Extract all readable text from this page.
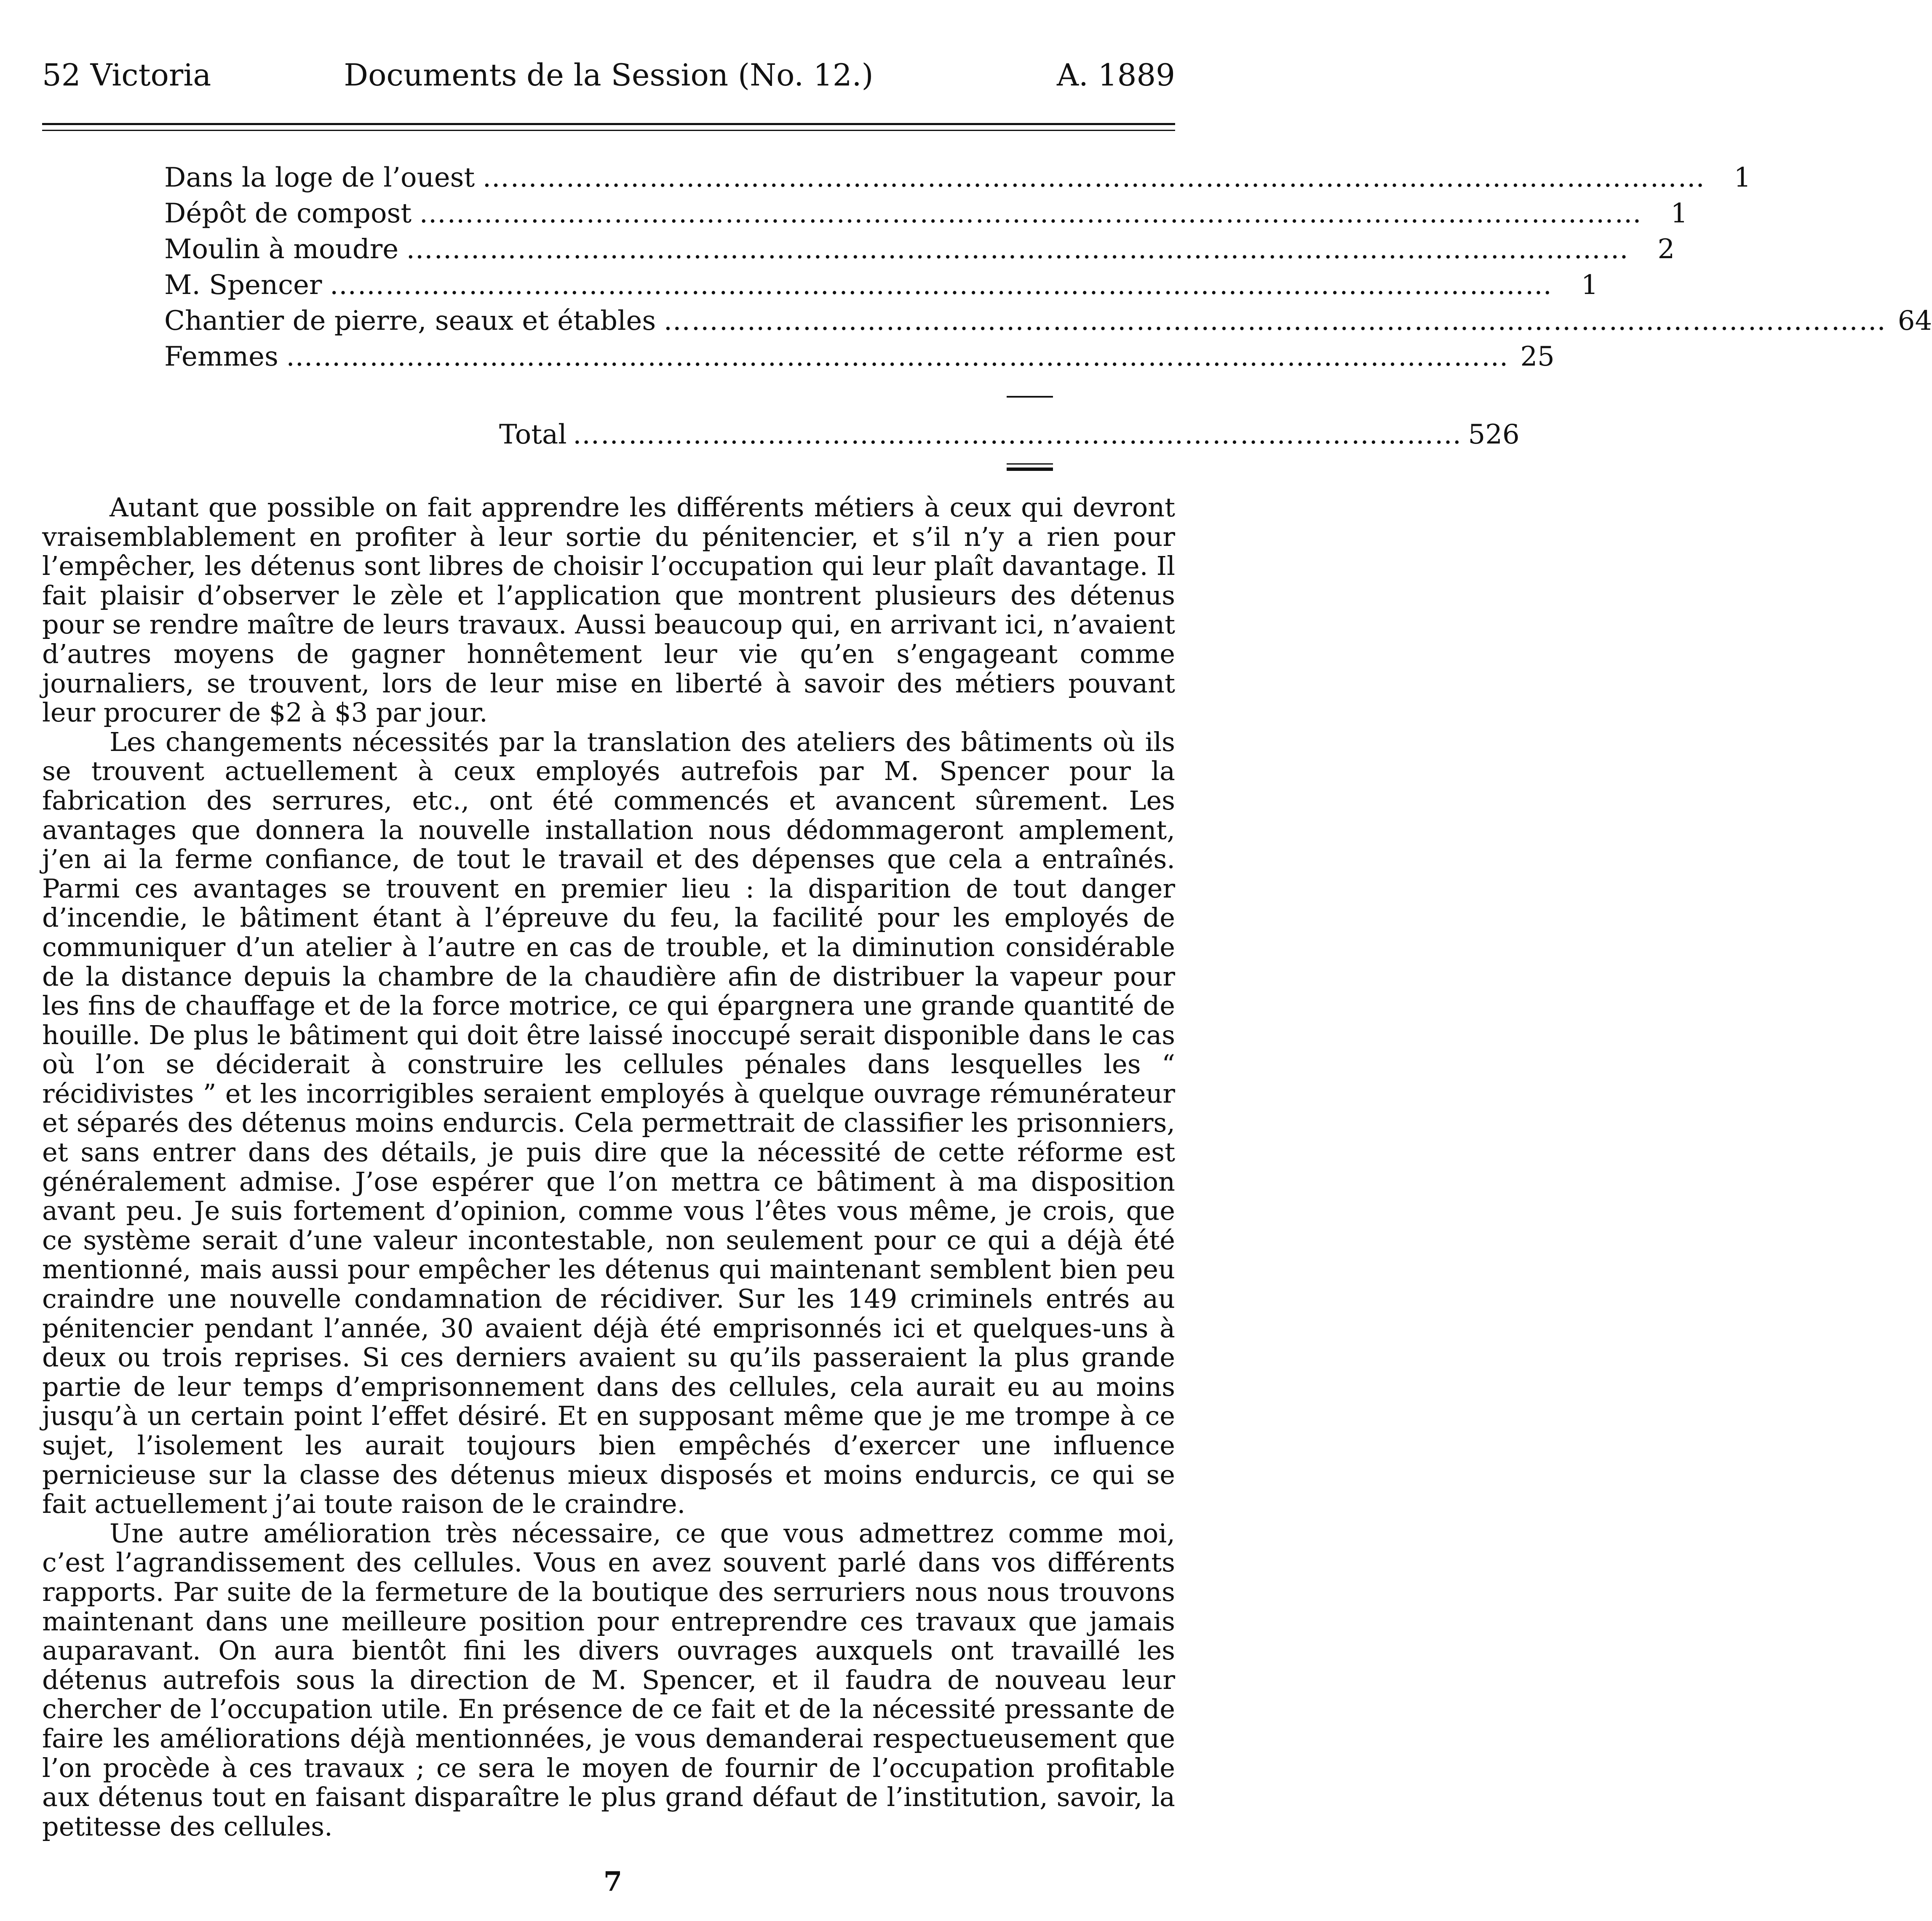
Documents de la Session (No. 12.)
52 Victoria	A. 1889
Dans la loge de l’ouest ……………………………………………………………………………………………………………………	1
Dépôt de compost ……………………………………………………………………………………………………………………	1
Moulin à moudre ……………………………………………………………………………………………………………………	2
M. Spencer ……………………………………………………………………………………………………………………	1
Chantier de pierre, seaux et étables …………………………………………………………………………………………………………………… 64
Femmes …………………………………………………………………………………………………………………… 25
Total …………………………………………………………………………………… 526

Autant que possible on fait apprendre les différents métiers à ceux qui devront vraisemblablement en profiter à leur sortie du pénitencier, et s’il n’y a rien pour l’empêcher, les détenus sont libres de choisir l’occupation qui leur plaît davantage. Il fait plaisir d’observer le zèle et l’application que montrent plusieurs des détenus pour se rendre maître de leurs travaux. Aussi beaucoup qui, en arrivant ici, n’avaient d’autres moyens de gagner honnêtement leur vie qu’en s’engageant comme journaliers, se trouvent, lors de leur mise en liberté à savoir des métiers pouvant leur procurer de $2 à $3 par jour.

Les changements nécessités par la translation des ateliers des bâtiments où ils se trouvent actuellement à ceux employés autrefois par M. Spencer pour la fabrication des serrures, etc., ont été commencés et avancent sûrement. Les avantages que donnera la nouvelle installation nous dédommageront amplement, j’en ai la ferme confiance, de tout le travail et des dépenses que cela a entraînés. Parmi ces avantages se trouvent en premier lieu : la disparition de tout danger d’incendie, le bâtiment étant à l’épreuve du feu, la facilité pour les employés de communiquer d’un atelier à l’autre en cas de trouble, et la diminution considérable de la distance depuis la chambre de la chaudière afin de distribuer la vapeur pour les fins de chauffage et de la force motrice, ce qui épargnera une grande quantité de houille. De plus le bâtiment qui doit être laissé inoccupé serait disponible dans le cas où l’on se déciderait à construire les cellules pénales dans lesquelles les “ récidivistes ” et les incorrigibles seraient employés à quelque ouvrage rémunérateur et séparés des détenus moins endurcis. Cela permettrait de classifier les prisonniers, et sans entrer dans des détails, je puis dire que la nécessité de cette réforme est généralement admise. J’ose espérer que l’on mettra ce bâtiment à ma disposition avant peu. Je suis fortement d’opinion, comme vous l’êtes vous même, je crois, que ce système serait d’une valeur incontestable, non seulement pour ce qui a déjà été mentionné, mais aussi pour empêcher les détenus qui maintenant semblent bien peu craindre une nouvelle condamnation de récidiver. Sur les 149 criminels entrés au pénitencier pendant l’année, 30 avaient déjà été emprisonnés ici et quelques-uns à deux ou trois reprises. Si ces derniers avaient su qu’ils passeraient la plus grande partie de leur temps d’emprisonnement dans des cellules, cela aurait eu au moins jusqu’à un certain point l’effet désiré. Et en supposant même que je me trompe à ce sujet, l’isolement les aurait toujours bien empêchés d’exercer une influence pernicieuse sur la classe des détenus mieux disposés et moins endurcis, ce qui se fait actuellement j’ai toute raison de le craindre.

Une autre amélioration très nécessaire, ce que vous admettrez comme moi, c’est l’agrandissement des cellules. Vous en avez souvent parlé dans vos différents rapports. Par suite de la fermeture de la boutique des serruriers nous nous trouvons maintenant dans une meilleure position pour entreprendre ces travaux que jamais auparavant. On aura bientôt fini les divers ouvrages auxquels ont travaillé les détenus autrefois sous la direction de M. Spencer, et il faudra de nouveau leur chercher de l’occupation utile. En présence de ce fait et de la nécessité pressante de faire les améliorations déjà mentionnées, je vous demanderai respectueusement que l’on procède à ces travaux ; ce sera le moyen de fournir de l’occupation profitable aux détenus tout en faisant disparaître le plus grand défaut de l’institution, savoir, la petitesse des cellules.

7
